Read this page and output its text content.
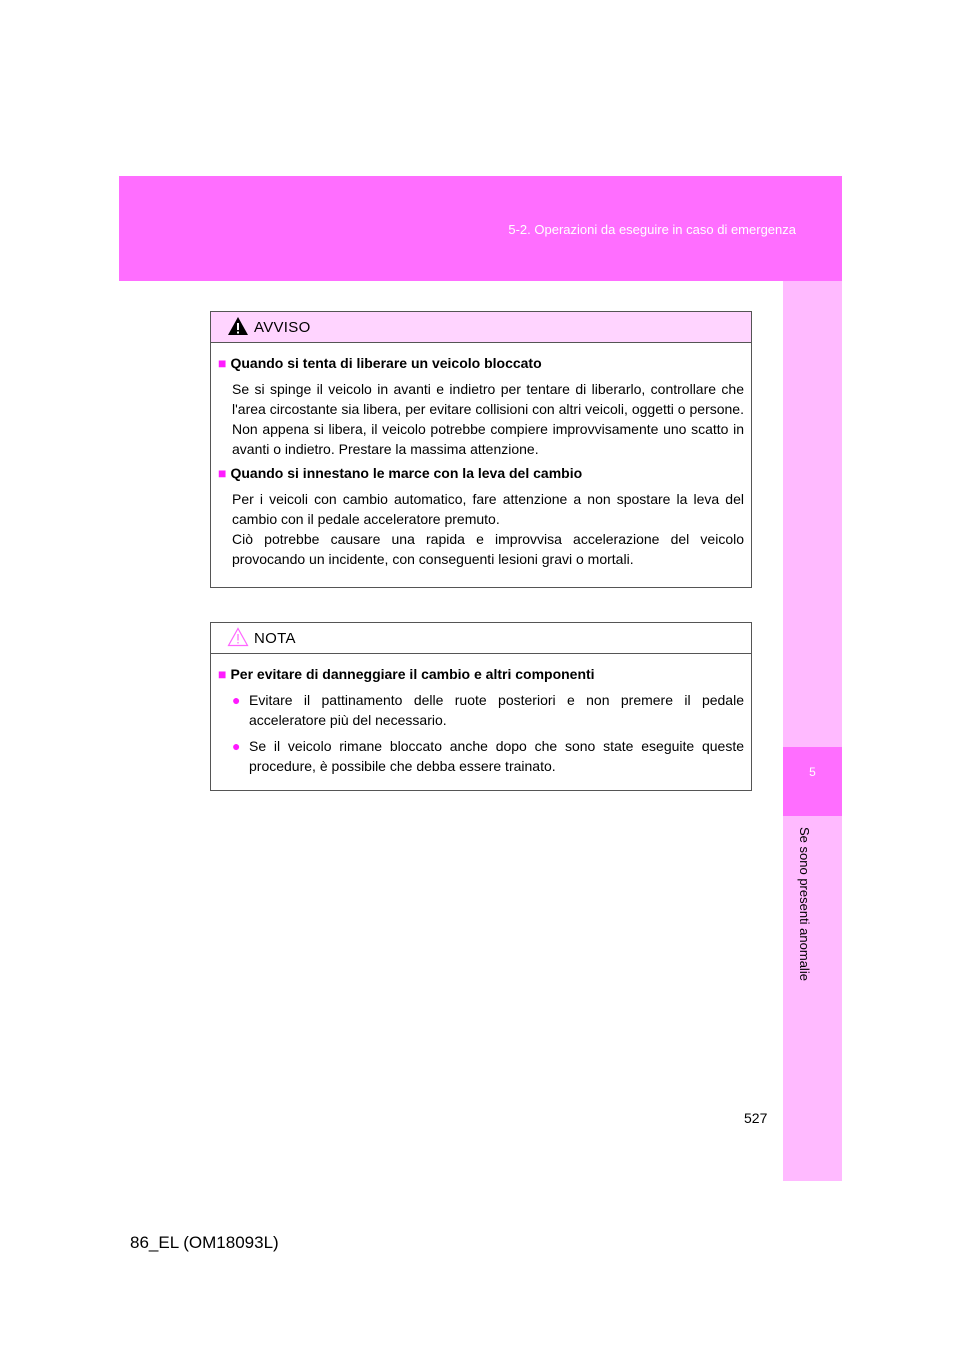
5-2. Operazioni da eseguire in caso di emergenza
5
Se sono presenti anomalie
AVVISO

■ Quando si tenta di liberare un veicolo bloccato

Se si spinge il veicolo in avanti e indietro per tentare di liberarlo, controllare che l'area circostante sia libera, per evitare collisioni con altri veicoli, oggetti o persone. Non appena si libera, il veicolo potrebbe compiere improvvisamente uno scatto in avanti o indietro. Prestare la massima attenzione.

■ Quando si innestano le marce con la leva del cambio

Per i veicoli con cambio automatico, fare attenzione a non spostare la leva del cambio con il pedale acceleratore premuto.

Ciò potrebbe causare una rapida e improvvisa accelerazione del veicolo provocando un incidente, con conseguenti lesioni gravi o mortali.

NOTA

■ Per evitare di danneggiare il cambio e altri componenti

● Evitare il pattinamento delle ruote posteriori e non premere il pedale acceleratore più del necessario.
● Se il veicolo rimane bloccato anche dopo che sono state eseguite queste procedure, è possibile che debba essere trainato.
527
86_EL (OM18093L)
